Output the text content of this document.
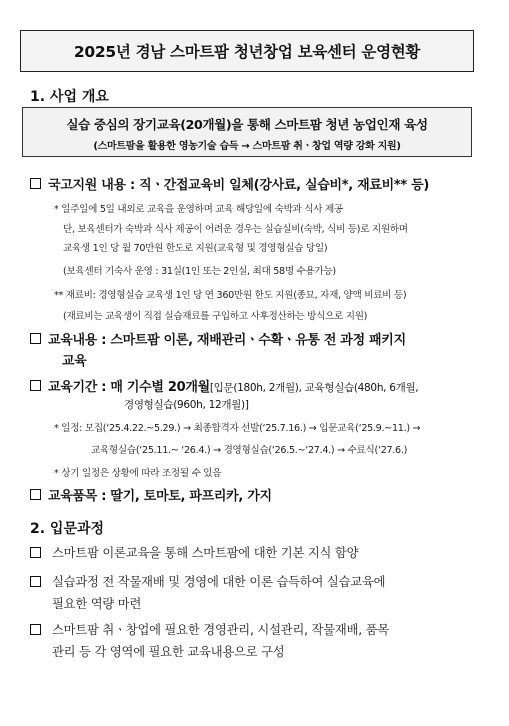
2025년 경남 스마트팜 청년창업 보육센터 운영현황
1. 사업 개요
실습 중심의 장기교육(20개월)을 통해 스마트팜 청년 농업인재 육성
(스마트팜을 활용한 영농기술 습득 → 스마트팜 취ㆍ창업 역량 강화 지원)
국고지원 내용 : 직ㆍ간접교육비 일체(강사료, 실습비*, 재료비** 등)
* 일주일에 5일 내외로 교육을 운영하며 교육 해당일에 숙박과 식사 제공
단, 보육센터가 숙박과 식사 제공이 어려운 경우는 실습실비(숙박, 식비 등)로 지원하며
교육생 1인 당 월 70만원 한도로 지원(교육형 및 경영형실습 당일)
(보육센터 기숙사 운영 : 31실(1인 또는 2인실, 최대 58명 수용가능)
** 재료비: 경영형실습 교육생 1인 당 연 360만원 한도 지원(종묘, 자재, 양액 비료비 등)
(재료비는 교육생이 직접 실습재료를 구입하고 사후정산하는 방식으로 지원)
교육내용 : 스마트팜 이론, 재배관리ㆍ수확ㆍ유통 전 과정 패키지
교육
교육기간 : 매 기수별 20개월[입문(180h, 2개월), 교육형실습(480h, 6개월,
경영형실습(960h, 12개월)]
* 일정: 모집(‘25.4.22.~5.29.) → 최종합격자 선발(‘25.7.16.) → 입문교육(‘25.9.~11.) →
교육형실습(‘25.11.~ ‘26.4.) → 경영형실습(‘26.5.~‘27.4.) → 수료식(‘27.6.)
* 상기 일정은 상황에 따라 조정될 수 있음
교육품목 : 딸기, 토마토, 파프리카, 가지
2. 입문과정
스마트팜 이론교육을 통해 스마트팜에 대한 기본 지식 함양
실습과정 전 작물재배 및 경영에 대한 이론 습득하여 실습교육에
필요한 역량 마련
스마트팜 취ㆍ창업에 필요한 경영관리, 시설관리, 작물재배, 품목
관리 등 각 영역에 필요한 교육내용으로 구성
